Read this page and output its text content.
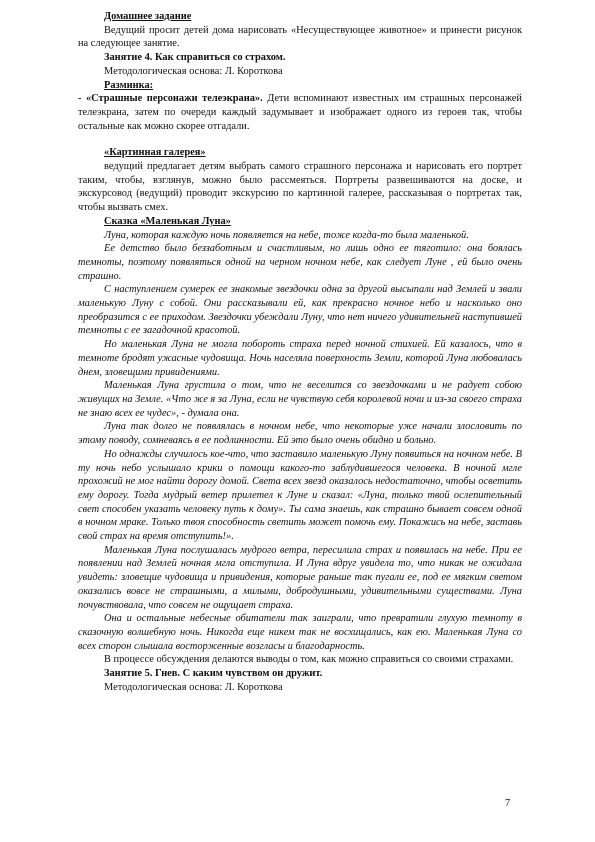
Домашнее задание

Ведущий просит детей дома нарисовать «Несуществующее животное» и принести рисунок на следующее занятие.

Занятие 4. Как справиться со страхом.

Методологическая основа: Л. Короткова

Разминка:

- «Страшные персонажи телеэкрана». Дети вспоминают известных им страшных персонажей телеэкрана, затем по очереди каждый задумывает и изображает одного из героев так, чтобы остальные как можно скорее отгадали.

«Картинная галерея»

ведущий предлагает детям выбрать самого страшного персонажа и нарисовать его портрет таким, чтобы, взглянув, можно было рассмеяться. Портреты развешиваются на доске, и экскурсовод (ведущий) проводит экскурсию по картинной галерее, рассказывая о портретах так, чтобы вызвать смех.

Сказка «Маленькая Луна»

Луна, которая каждую ночь появляется на небе, тоже когда-то была маленькой.

Ее детство было беззаботным и счастливым, но лишь одно ее тяготило: она боялась темноты, поэтому появляться одной на черном ночном небе, как следует Луне , ей было очень страшно.

С наступлением сумерек ее знакомые звездочки одна за другой высыпали над Землей и звали маленькую Луну с собой. Они рассказывали ей, как прекрасно ночное небо и насколько оно преобразится с ее приходом. Звездочки убеждали Луну, что нет ничего удивительней наступившей темноты с ее загадочной красотой.

Но маленькая Луна не могла побороть страха перед ночной стихией. Ей казалось, что в темноте бродят ужасные чудовища. Ночь населяла поверхность Земли, которой Луна любовалась днем, зловещими привидениями.

Маленькая Луна грустила о том, что не веселится со звездочками и не радует собою живущих на Земле. «Что же я за Луна, если не чувствую себя королевой ночи и из-за своего страха не знаю всех ее чудес», - думала она.

Луна так долго не появлялась в ночном небе, что некоторые уже начали злословить по этому поводу, сомневаясь в ее подлинности. Ей это было очень обидно и больно.

Но однажды случилось кое-что, что заставило маленькую Луну появиться на ночном небе. В ту ночь небо услышало крики о помощи какого-то заблудившегося человека. В ночной мгле прохожий не мог найти дорогу домой. Света всех звезд оказалось недостаточно, чтобы осветить ему дорогу. Тогда мудрый ветер прилетел к Луне и сказал: «Луна, только твой ослепительный свет способен указать человеку путь к дому». Ты сама знаешь, как страшно бывает совсем одной в ночном мраке. Только твоя способность светить может помочь ему. Покажись на небе, заставь свой страх на время отступить!».

Маленькая Луна послушалась мудрого ветра, пересилила страх и появилась на небе. При ее появлении над Землей ночная мгла отступила. И Луна вдруг увидела то, что никак не ожидала увидеть: зловещие чудовища и привидения, которые раньше так пугали ее, под ее мягким светом оказались вовсе не страшными, а милыми, добродушными, удивительными существами. Луна почувствовала, что совсем не ощущает страха.

Она и остальные небесные обитатели так заиграли, что превратили глухую темноту в сказочную волшебную ночь. Никогда еще никем так не восхищались, как ею. Маленькая Луна со всех сторон слышала восторженные возгласы и благодарность.

В процессе обсуждения делаются выводы о том, как можно справиться со своими страхами.

Занятие 5. Гнев. С каким чувством он дружит.

Методологическая основа: Л. Короткова

7
